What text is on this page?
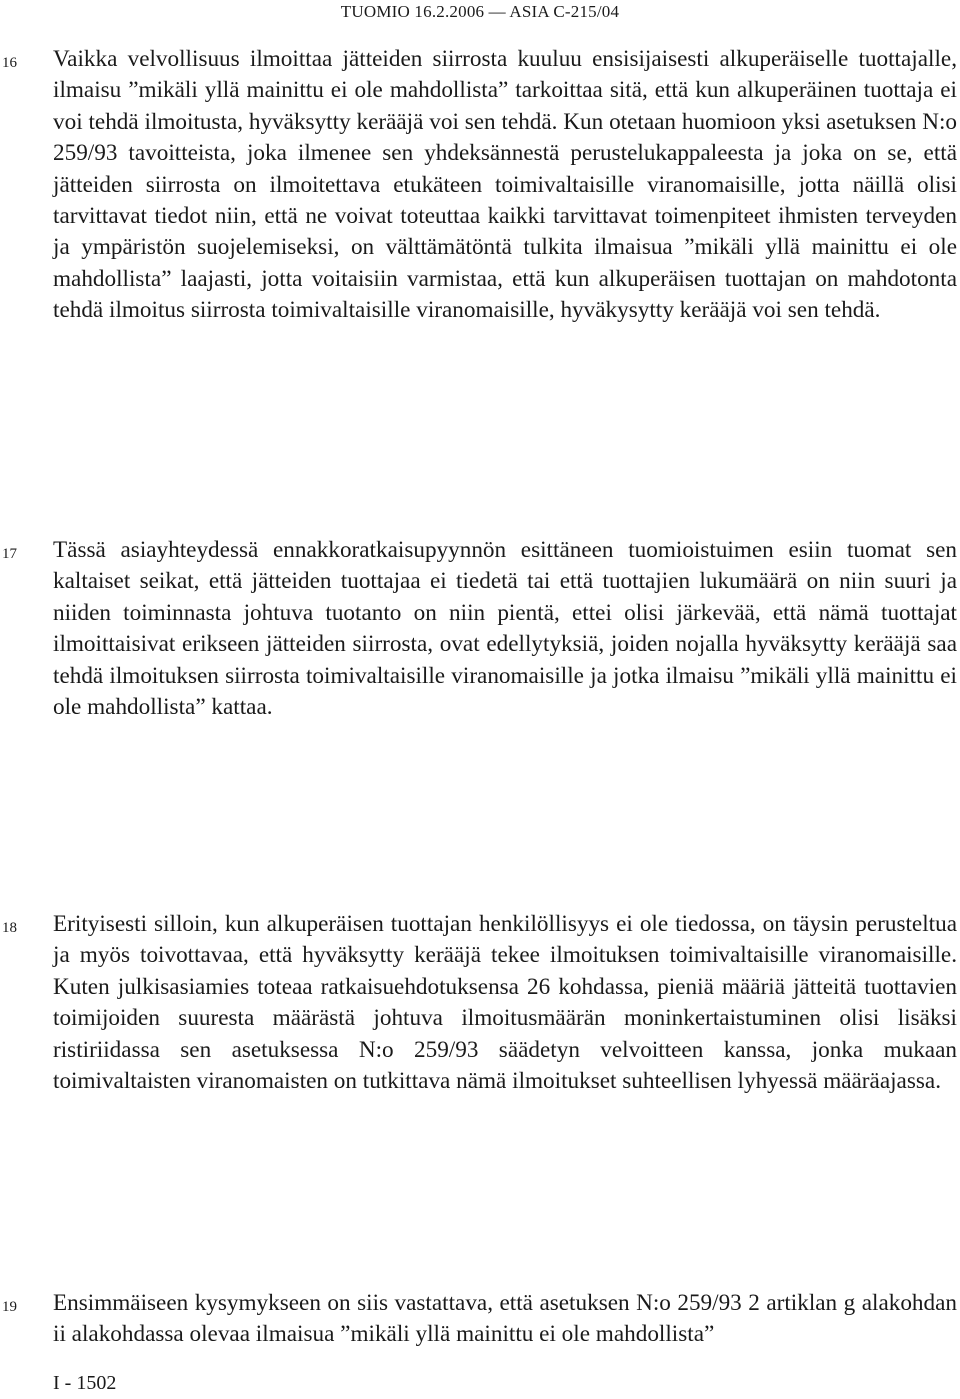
TUOMIO 16.2.2006 — ASIA C-215/04
16 Vaikka velvollisuus ilmoittaa jätteiden siirrosta kuuluu ensisijaisesti alkuperäiselle tuottajalle, ilmaisu ”mikäli yllä mainittu ei ole mahdollista” tarkoittaa sitä, että kun alkuperäinen tuottaja ei voi tehdä ilmoitusta, hyväksytty kerääjä voi sen tehdä. Kun otetaan huomioon yksi asetuksen N:o 259/93 tavoitteista, joka ilmenee sen yhdeksännestä perustelukappaleesta ja joka on se, että jätteiden siirrosta on ilmoitettava etukäteen toimivaltaisille viranomaisille, jotta näillä olisi tarvittavat tiedot niin, että ne voivat toteuttaa kaikki tarvittavat toimenpiteet ihmisten terveyden ja ympäristön suojelemiseksi, on välttämätöntä tulkita ilmaisua ”mikäli yllä mainittu ei ole mahdollista” laajasti, jotta voitaisiin varmistaa, että kun alkuperäisen tuottajan on mahdotonta tehdä ilmoitus siirrosta toimivaltaisille viranomaisille, hyväkysytty kerääjä voi sen tehdä.

17 Tässä asiayhteydessä ennakkoratkaisupyynnön esittäneen tuomioistuimen esiin tuomat sen kaltaiset seikat, että jätteiden tuottajaa ei tiedetä tai että tuottajien lukumäärä on niin suuri ja niiden toiminnasta johtuva tuotanto on niin pientä, ettei olisi järkevää, että nämä tuottajat ilmoittaisivat erikseen jätteiden siirrosta, ovat edellytyksiä, joiden nojalla hyväksytty kerääjä saa tehdä ilmoituksen siirrosta toimivaltaisille viranomaisille ja jotka ilmaisu ”mikäli yllä mainittu ei ole mahdollista” kattaa.

18 Erityisesti silloin, kun alkuperäisen tuottajan henkilöllisyys ei ole tiedossa, on täysin perusteltua ja myös toivottavaa, että hyväksytty kerääjä tekee ilmoituksen toimivaltaisille viranomaisille. Kuten julkisasiamies toteaa ratkaisuehdotuksensa 26 kohdassa, pieniä määriä jätteitä tuottavien toimijoiden suuresta määrästä johtuva ilmoitusmäärän moninkertaistuminen olisi lisäksi ristiriidassa sen asetuksessa N:o 259/93 säädetyn velvoitteen kanssa, jonka mukaan toimivaltaisten viranomaisten on tutkittava nämä ilmoitukset suhteellisen lyhyessä määräajassa.

19 Ensimmäiseen kysymykseen on siis vastattava, että asetuksen N:o 259/93 2 artiklan g alakohdan ii alakohdassa olevaa ilmaisua ”mikäli yllä mainittu ei ole mahdollista”

I - 1502
